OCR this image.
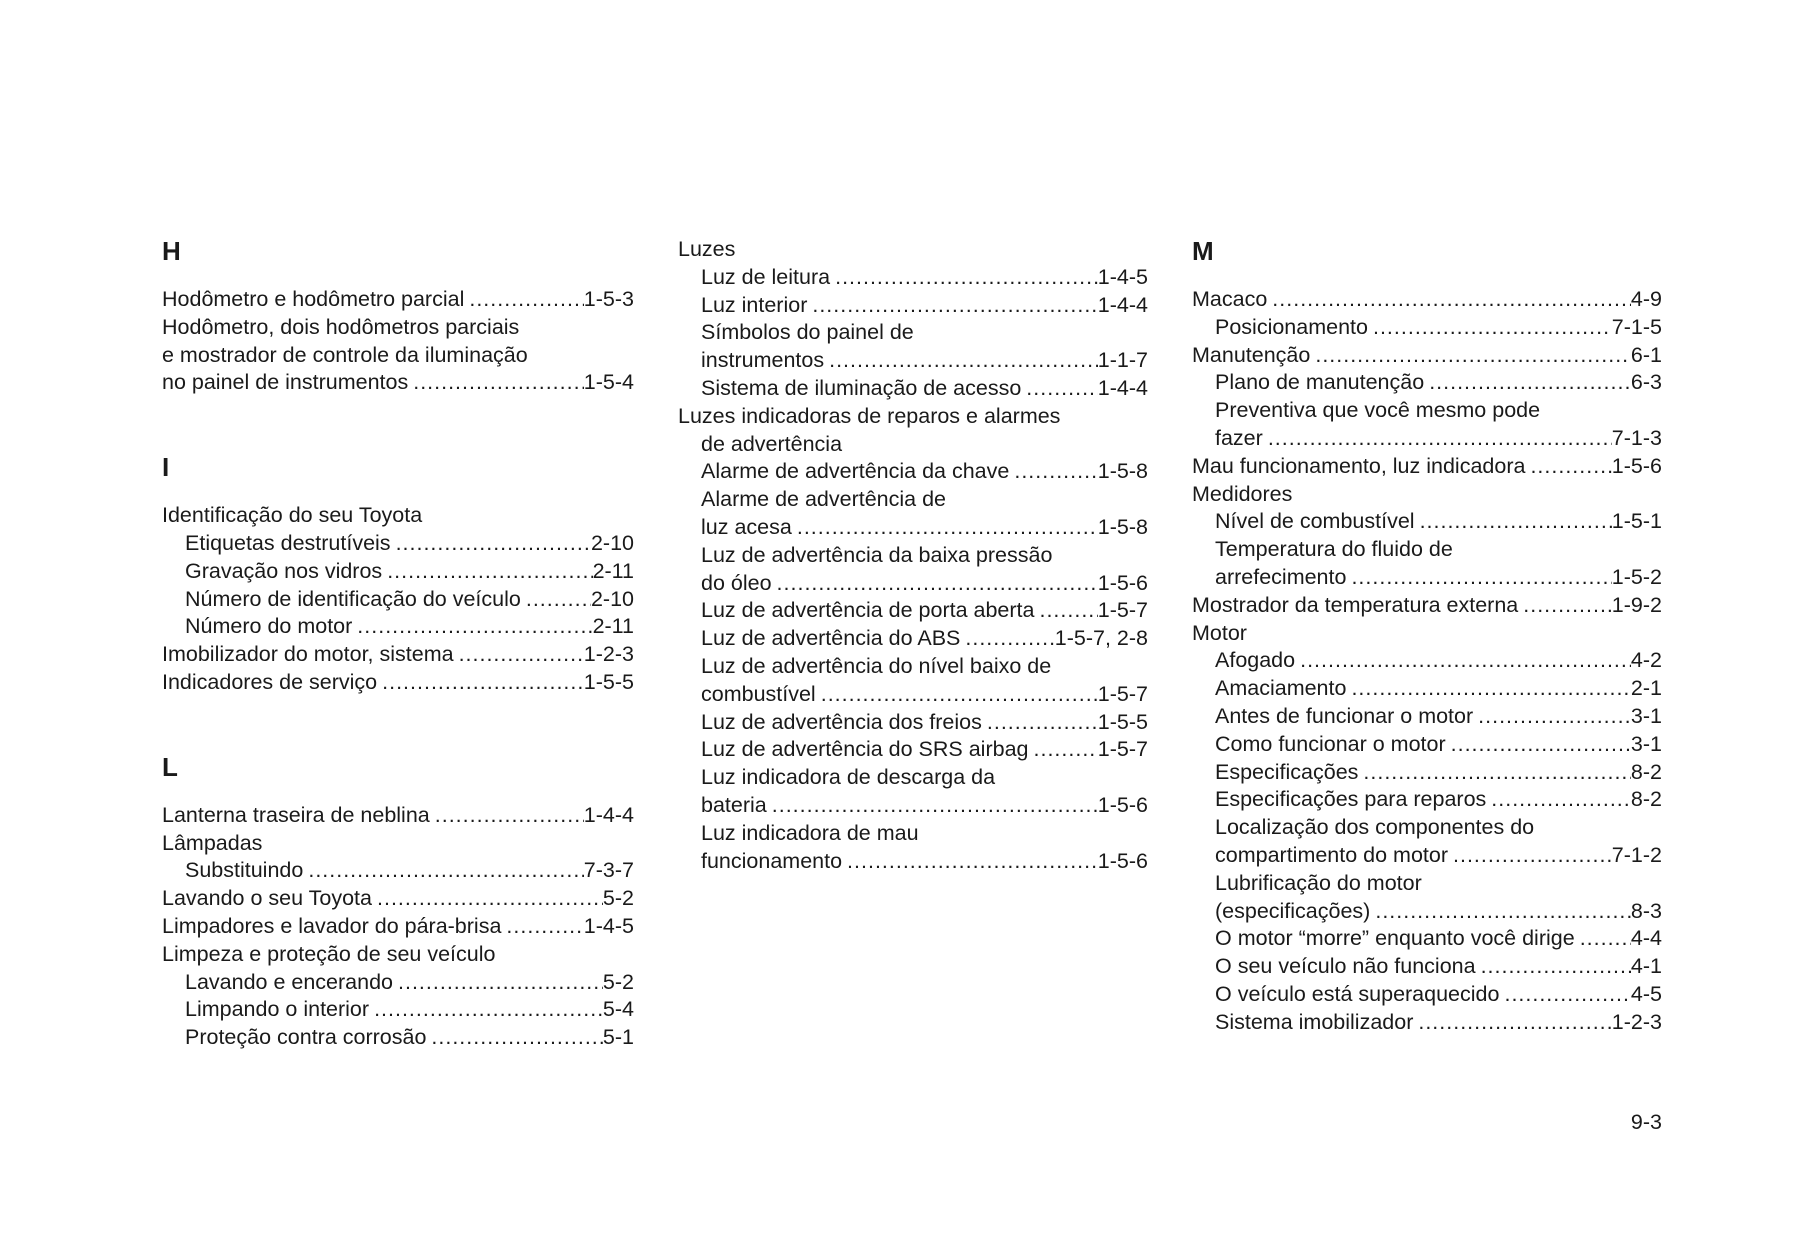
H
Hodômetro e hodômetro parcial .....	1-5-3
Hodômetro, dois hodômetros parciais
e mostrador de controle da iluminação
no painel de instrumentos .....	1-5-4
I
Identificação do seu Toyota
Etiquetas destrutíveis .....	2-10
Gravação nos vidros .....	2-11
Número de identificação do veículo .....	2-10
Número do motor .....	2-11
Imobilizador do motor, sistema .....	1-2-3
Indicadores de serviço .....	1-5-5
L
Lanterna traseira de neblina .....	1-4-4
Lâmpadas
Substituindo .....	7-3-7
Lavando o seu Toyota .....	5-2
Limpadores e lavador do pára-brisa .....	1-4-5
Limpeza e proteção de seu veículo
Lavando e encerando .....	5-2
Limpando o interior .....	5-4
Proteção contra corrosão .....	5-1
Luzes
Luz de leitura .....	1-4-5
Luz interior .....	1-4-4
Símbolos do painel de
instrumentos .....	1-1-7
Sistema de iluminação de acesso .....	1-4-4
Luzes indicadoras de reparos e alarmes
de advertência
Alarme de advertência da chave .....	1-5-8
Alarme de advertência de
luz acesa .....	1-5-8
Luz de advertência da baixa pressão
do óleo .....	1-5-6
Luz de advertência de porta aberta .....	1-5-7
Luz de advertência do ABS .....	1-5-7, 2-8
Luz de advertência do nível baixo de
combustível .....	1-5-7
Luz de advertência dos freios .....	1-5-5
Luz de advertência do SRS airbag .....	1-5-7
Luz indicadora de descarga da
bateria .....	1-5-6
Luz indicadora de mau
funcionamento .....	1-5-6
M
Macaco .....	4-9
Posicionamento .....	7-1-5
Manutenção .....	6-1
Plano de manutenção .....	6-3
Preventiva que você mesmo pode
fazer .....	7-1-3
Mau funcionamento, luz indicadora .....	1-5-6
Medidores
Nível de combustível .....	1-5-1
Temperatura do fluido de
arrefecimento .....	1-5-2
Mostrador da temperatura externa .....	1-9-2
Motor
Afogado .....	4-2
Amaciamento .....	2-1
Antes de funcionar o motor .....	3-1
Como funcionar o motor .....	3-1
Especificações .....	8-2
Especificações para reparos .....	8-2
Localização dos componentes do
compartimento do motor .....	7-1-2
Lubrificação do motor
(especificações) .....	8-3
O motor “morre” enquanto você dirige .....	4-4
O seu veículo não funciona .....	4-1
O veículo está superaquecido .....	4-5
Sistema imobilizador .....	1-2-3
9-3
